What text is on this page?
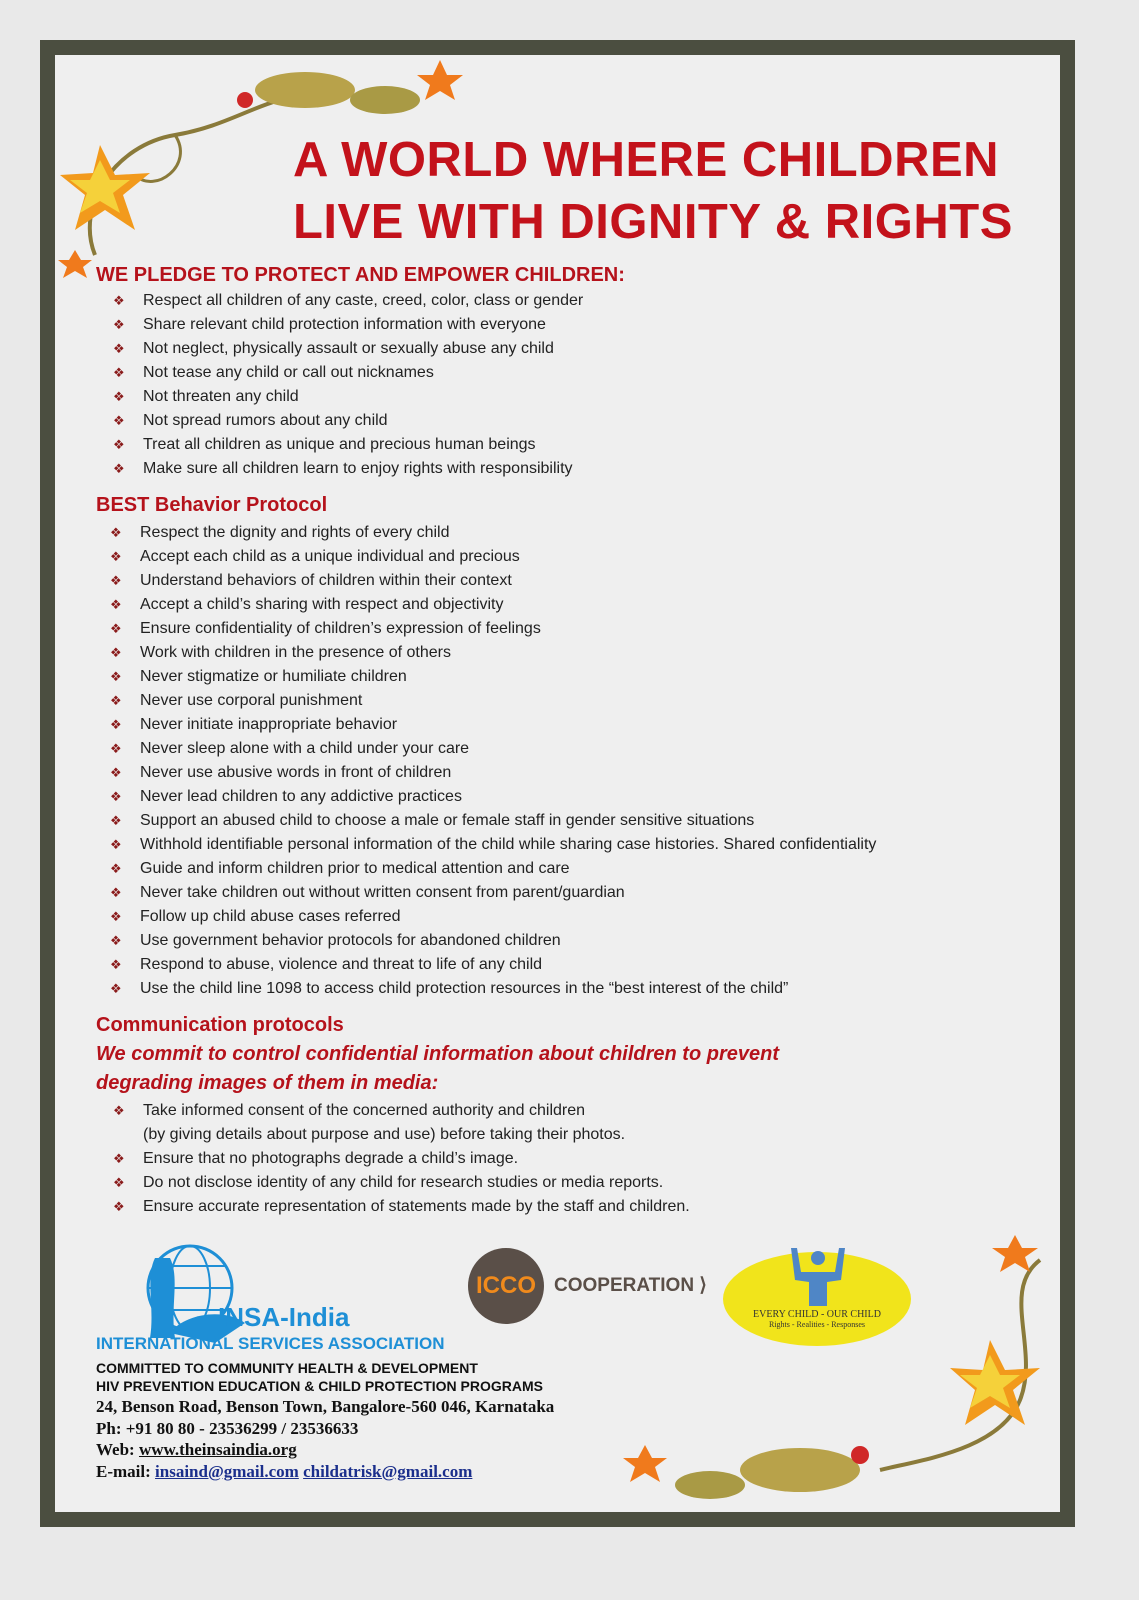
A WORLD WHERE CHILDREN
LIVE WITH DIGNITY & RIGHTS
WE PLEDGE TO PROTECT AND EMPOWER CHILDREN:
❖ Respect all children of any caste, creed, color, class or gender
❖ Share relevant child protection information with everyone
❖ Not neglect, physically assault or sexually abuse any child
❖ Not tease any child or call out nicknames
❖ Not threaten any child
❖ Not spread rumors about any child
❖ Treat all children as unique and precious human beings
❖ Make sure all children learn to enjoy rights with responsibility
BEST Behavior Protocol
❖ Respect the dignity and rights of every child
❖ Accept each child as a unique individual and precious
❖ Understand behaviors of children within their context
❖ Accept a child’s sharing with respect and objectivity
❖ Ensure confidentiality of children’s expression of feelings
❖ Work with children in the presence of others
❖ Never stigmatize or humiliate children
❖ Never use corporal punishment
❖ Never initiate inappropriate behavior
❖ Never sleep alone with a child under your care
❖ Never use abusive words in front of children
❖ Never lead children to any addictive practices
❖ Support an abused child to choose a male or female staff in gender sensitive situations
❖ Withhold identifiable personal information of the child while sharing case histories. Shared confidentiality
❖ Guide and inform children prior to medical attention and care
❖ Never take children out without written consent from parent/guardian
❖ Follow up child abuse cases referred
❖ Use government behavior protocols for abandoned children
❖ Respond to abuse, violence and threat to life of any child
❖ Use the child line 1098 to access child protection resources in the “best interest of the child”
Communication protocols
We commit to control confidential information about children to prevent
degrading images of them in media:
❖ Take informed consent of the concerned authority and children
(by giving details about purpose and use) before taking their photos.
❖ Ensure that no photographs degrade a child’s image.
❖ Do not disclose identity of any child for research studies or media reports.
❖ Ensure accurate representation of statements made by the staff and children.
INSA-India
INTERNATIONAL SERVICES ASSOCIATION
ICCO COOPERATION ⟩
EVERY CHILD - OUR CHILD
Rights - Realities - Responses
COMMITTED TO COMMUNITY HEALTH & DEVELOPMENT
HIV PREVENTION EDUCATION & CHILD PROTECTION PROGRAMS
24, Benson Road, Benson Town, Bangalore-560 046, Karnataka
Ph: +91 80 80 - 23536299 / 23536633
Web: www.theinsaindia.org
E-mail: insaind@gmail.com childatrisk@gmail.com
